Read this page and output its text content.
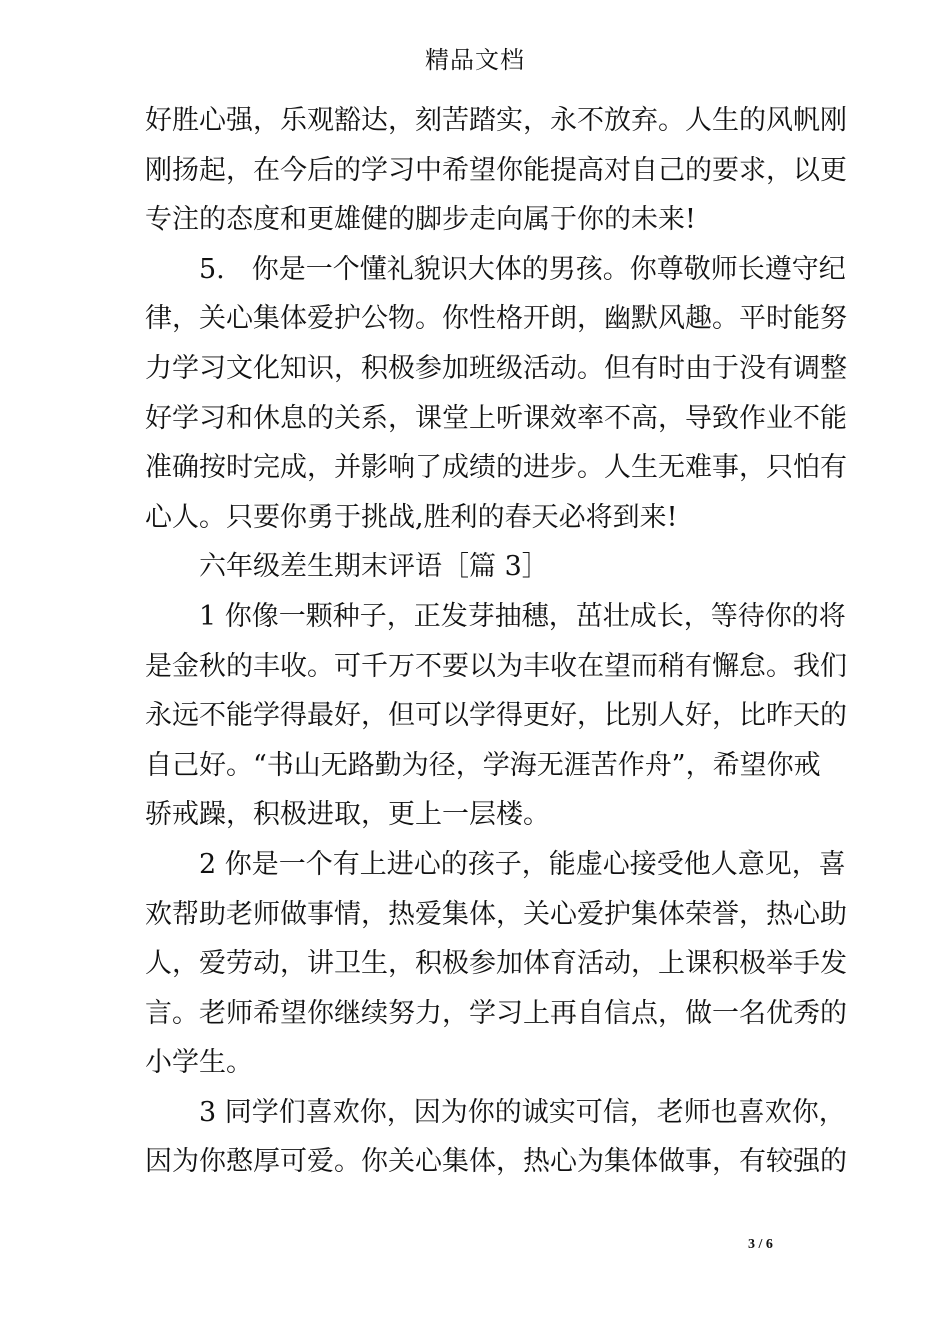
精品文档
好胜心强，乐观豁达，刻苦踏实，永不放弃。人生的风帆刚
刚扬起，在今后的学习中希望你能提高对自己的要求，以更
专注的态度和更雄健的脚步走向属于你的未来!
5.　你是一个懂礼貌识大体的男孩。你尊敬师长遵守纪
律，关心集体爱护公物。你性格开朗，幽默风趣。平时能努
力学习文化知识，积极参加班级活动。但有时由于没有调整
好学习和休息的关系，课堂上听课效率不高，导致作业不能
准确按时完成，并影响了成绩的进步。人生无难事，只怕有
心人。只要你勇于挑战,胜利的春天必将到来!
六年级差生期末评语［篇 3］
1 你像一颗种子，正发芽抽穗，茁壮成长，等待你的将
是金秋的丰收。可千万不要以为丰收在望而稍有懈怠。我们
永远不能学得最好，但可以学得更好，比别人好，比昨天的
自己好。“书山无路勤为径，学海无涯苦作舟”，希望你戒
骄戒躁，积极进取，更上一层楼。
2 你是一个有上进心的孩子，能虚心接受他人意见，喜
欢帮助老师做事情，热爱集体，关心爱护集体荣誉，热心助
人，爱劳动，讲卫生，积极参加体育活动，上课积极举手发
言。老师希望你继续努力，学习上再自信点，做一名优秀的
小学生。
3 同学们喜欢你，因为你的诚实可信，老师也喜欢你，
因为你憨厚可爱。你关心集体，热心为集体做事，有较强的
3 / 6
